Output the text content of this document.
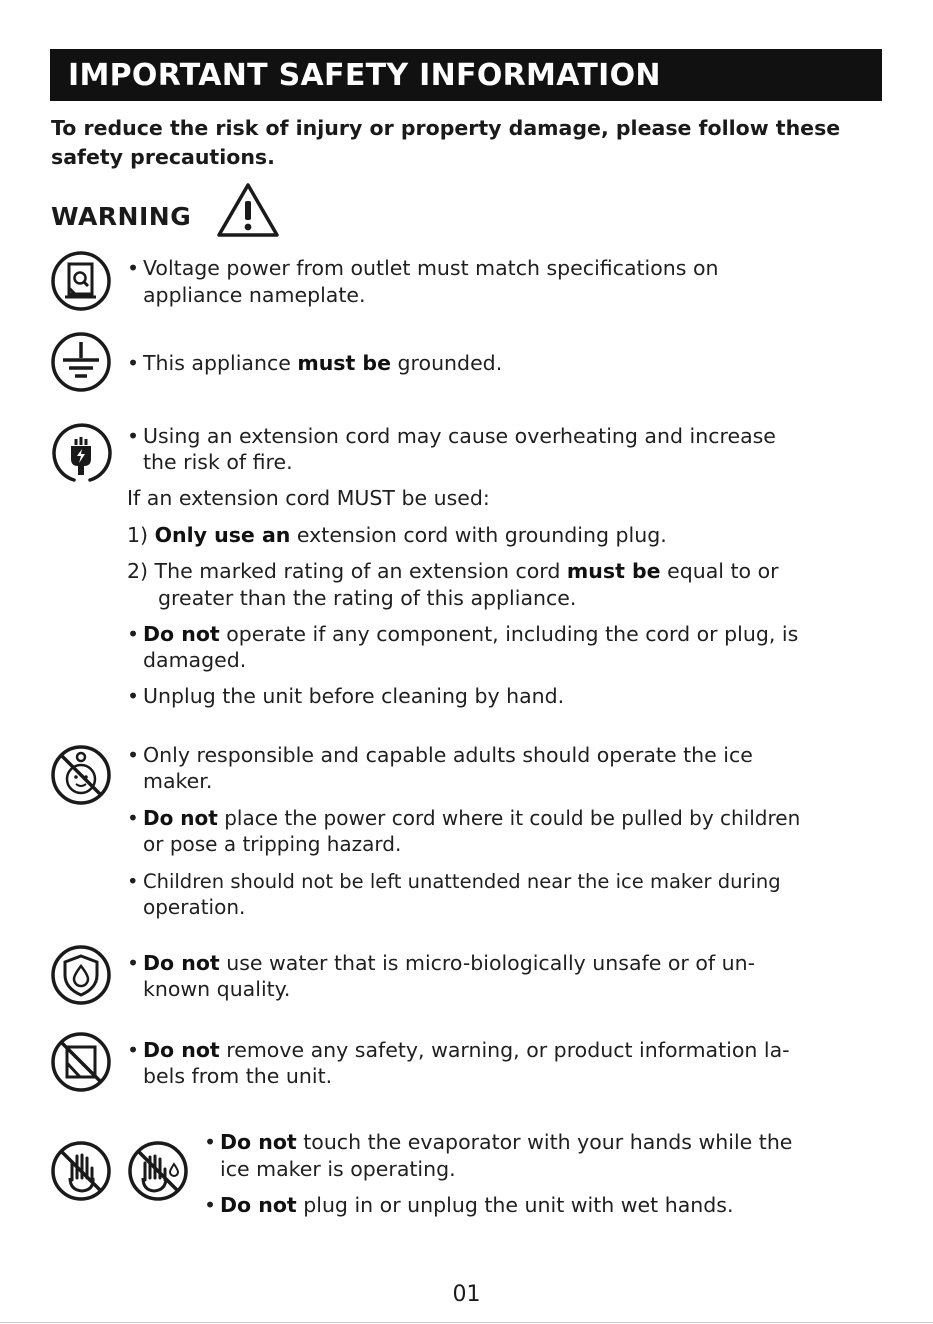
IMPORTANT SAFETY INFORMATION
To reduce the risk of injury or property damage, please follow these safety precautions.
WARNING
• Voltage power from outlet must match specifications on
appliance nameplate.
• This appliance must be grounded.
• Using an extension cord may cause overheating and increase
the risk of fire.
If an extension cord MUST be used:
1) Only use an extension cord with grounding plug.
2) The marked rating of an extension cord must be equal to or
greater than the rating of this appliance.
• Do not operate if any component, including the cord or plug, is
damaged.
• Unplug the unit before cleaning by hand.
• Only responsible and capable adults should operate the ice
maker.
• Do not place the power cord where it could be pulled by children
or pose a tripping hazard.
• Children should not be left unattended near the ice maker during
operation.
• Do not use water that is micro-biologically unsafe or of un-
known quality.
• Do not remove any safety, warning, or product information la-
bels from the unit.
• Do not touch the evaporator with your hands while the
ice maker is operating.
• Do not plug in or unplug the unit with wet hands.
01
